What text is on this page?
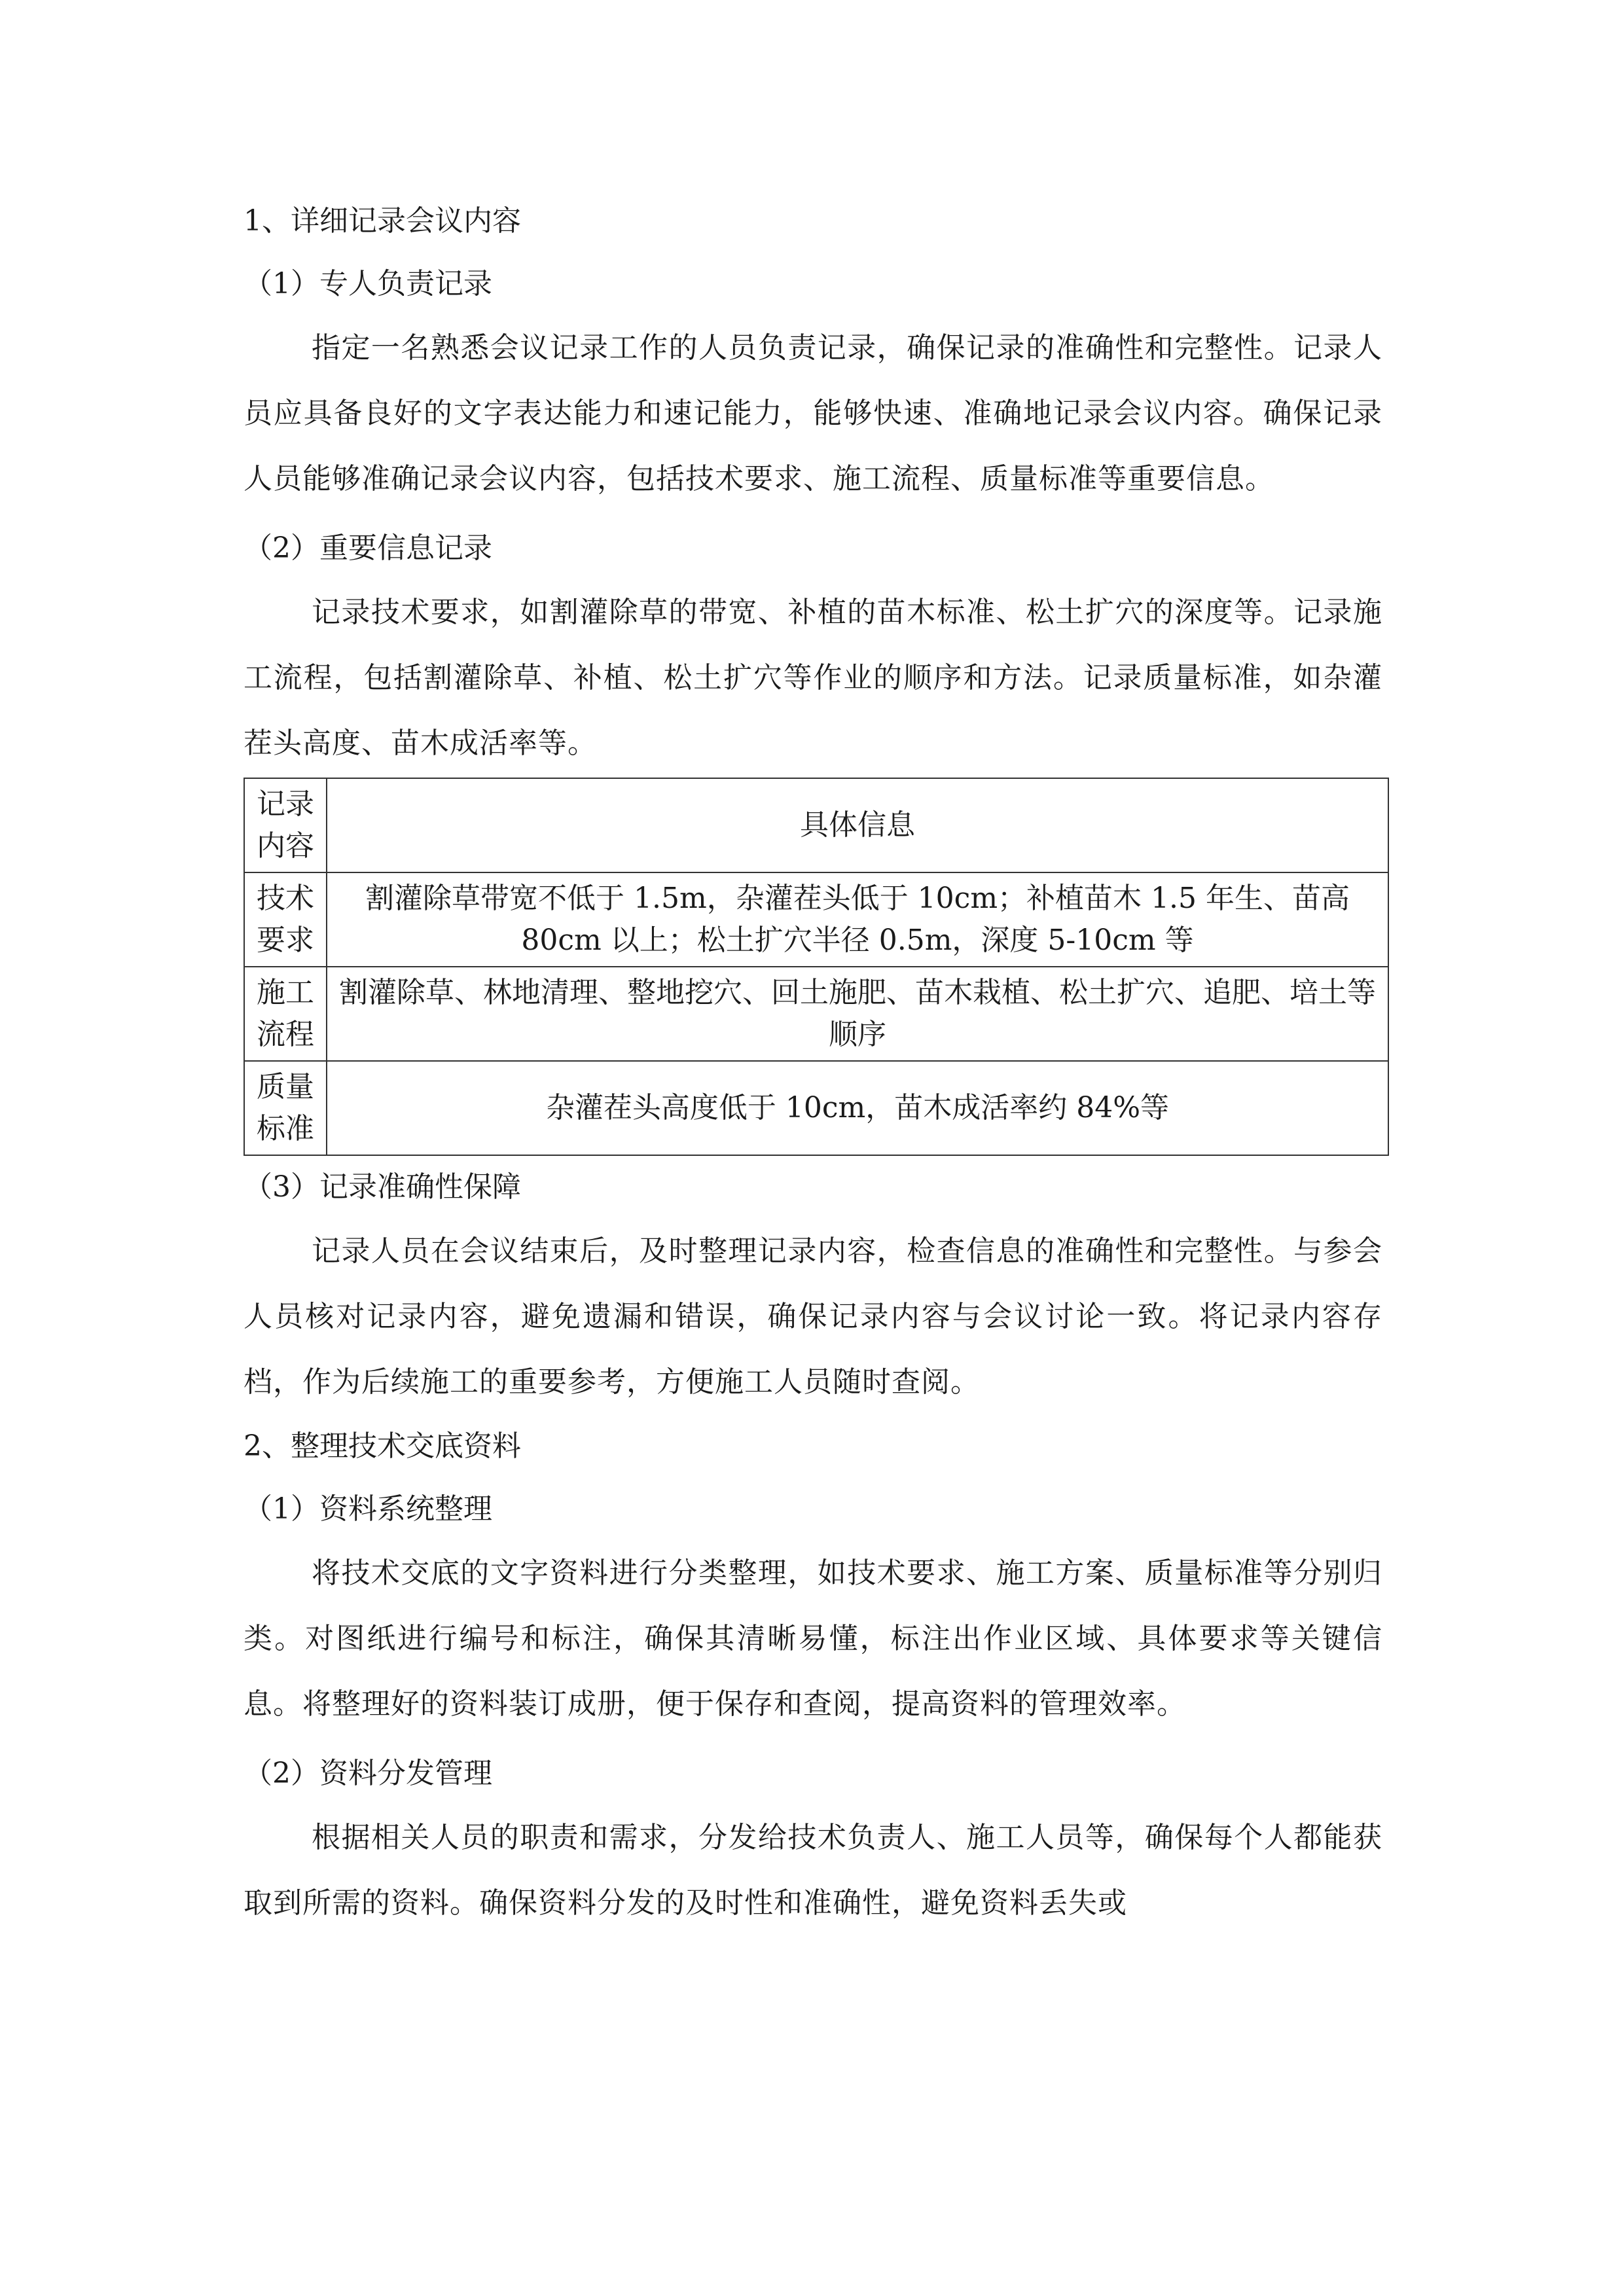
1、详细记录会议内容
（1）专人负责记录

指定一名熟悉会议记录工作的人员负责记录，确保记录的准确性和完整性。记录人员应具备良好的文字表达能力和速记能力，能够快速、准确地记录会议内容。确保记录人员能够准确记录会议内容，包括技术要求、施工流程、质量标准等重要信息。

（2）重要信息记录

记录技术要求，如割灌除草的带宽、补植的苗木标准、松土扩穴的深度等。记录施工流程，包括割灌除草、补植、松土扩穴等作业的顺序和方法。记录质量标准，如杂灌茬头高度、苗木成活率等。

记录
内容	具体信息
技术
要求	割灌除草带宽不低于 1.5m，杂灌茬头低于 10cm；补植苗木 1.5 年生、苗高 80cm 以上；松土扩穴半径 0.5m，深度 5-10cm 等
施工
流程	割灌除草、林地清理、整地挖穴、回土施肥、苗木栽植、松土扩穴、追肥、培土等顺序
质量
标准	杂灌茬头高度低于 10cm，苗木成活率约 84%等
（3）记录准确性保障

记录人员在会议结束后，及时整理记录内容，检查信息的准确性和完整性。与参会人员核对记录内容，避免遗漏和错误，确保记录内容与会议讨论一致。将记录内容存档，作为后续施工的重要参考，方便施工人员随时查阅。

2、整理技术交底资料
（1）资料系统整理

将技术交底的文字资料进行分类整理，如技术要求、施工方案、质量标准等分别归类。对图纸进行编号和标注，确保其清晰易懂，标注出作业区域、具体要求等关键信息。将整理好的资料装订成册，便于保存和查阅，提高资料的管理效率。

（2）资料分发管理

根据相关人员的职责和需求，分发给技术负责人、施工人员等，确保每个人都能获取到所需的资料。确保资料分发的及时性和准确性，避免资料丢失或
